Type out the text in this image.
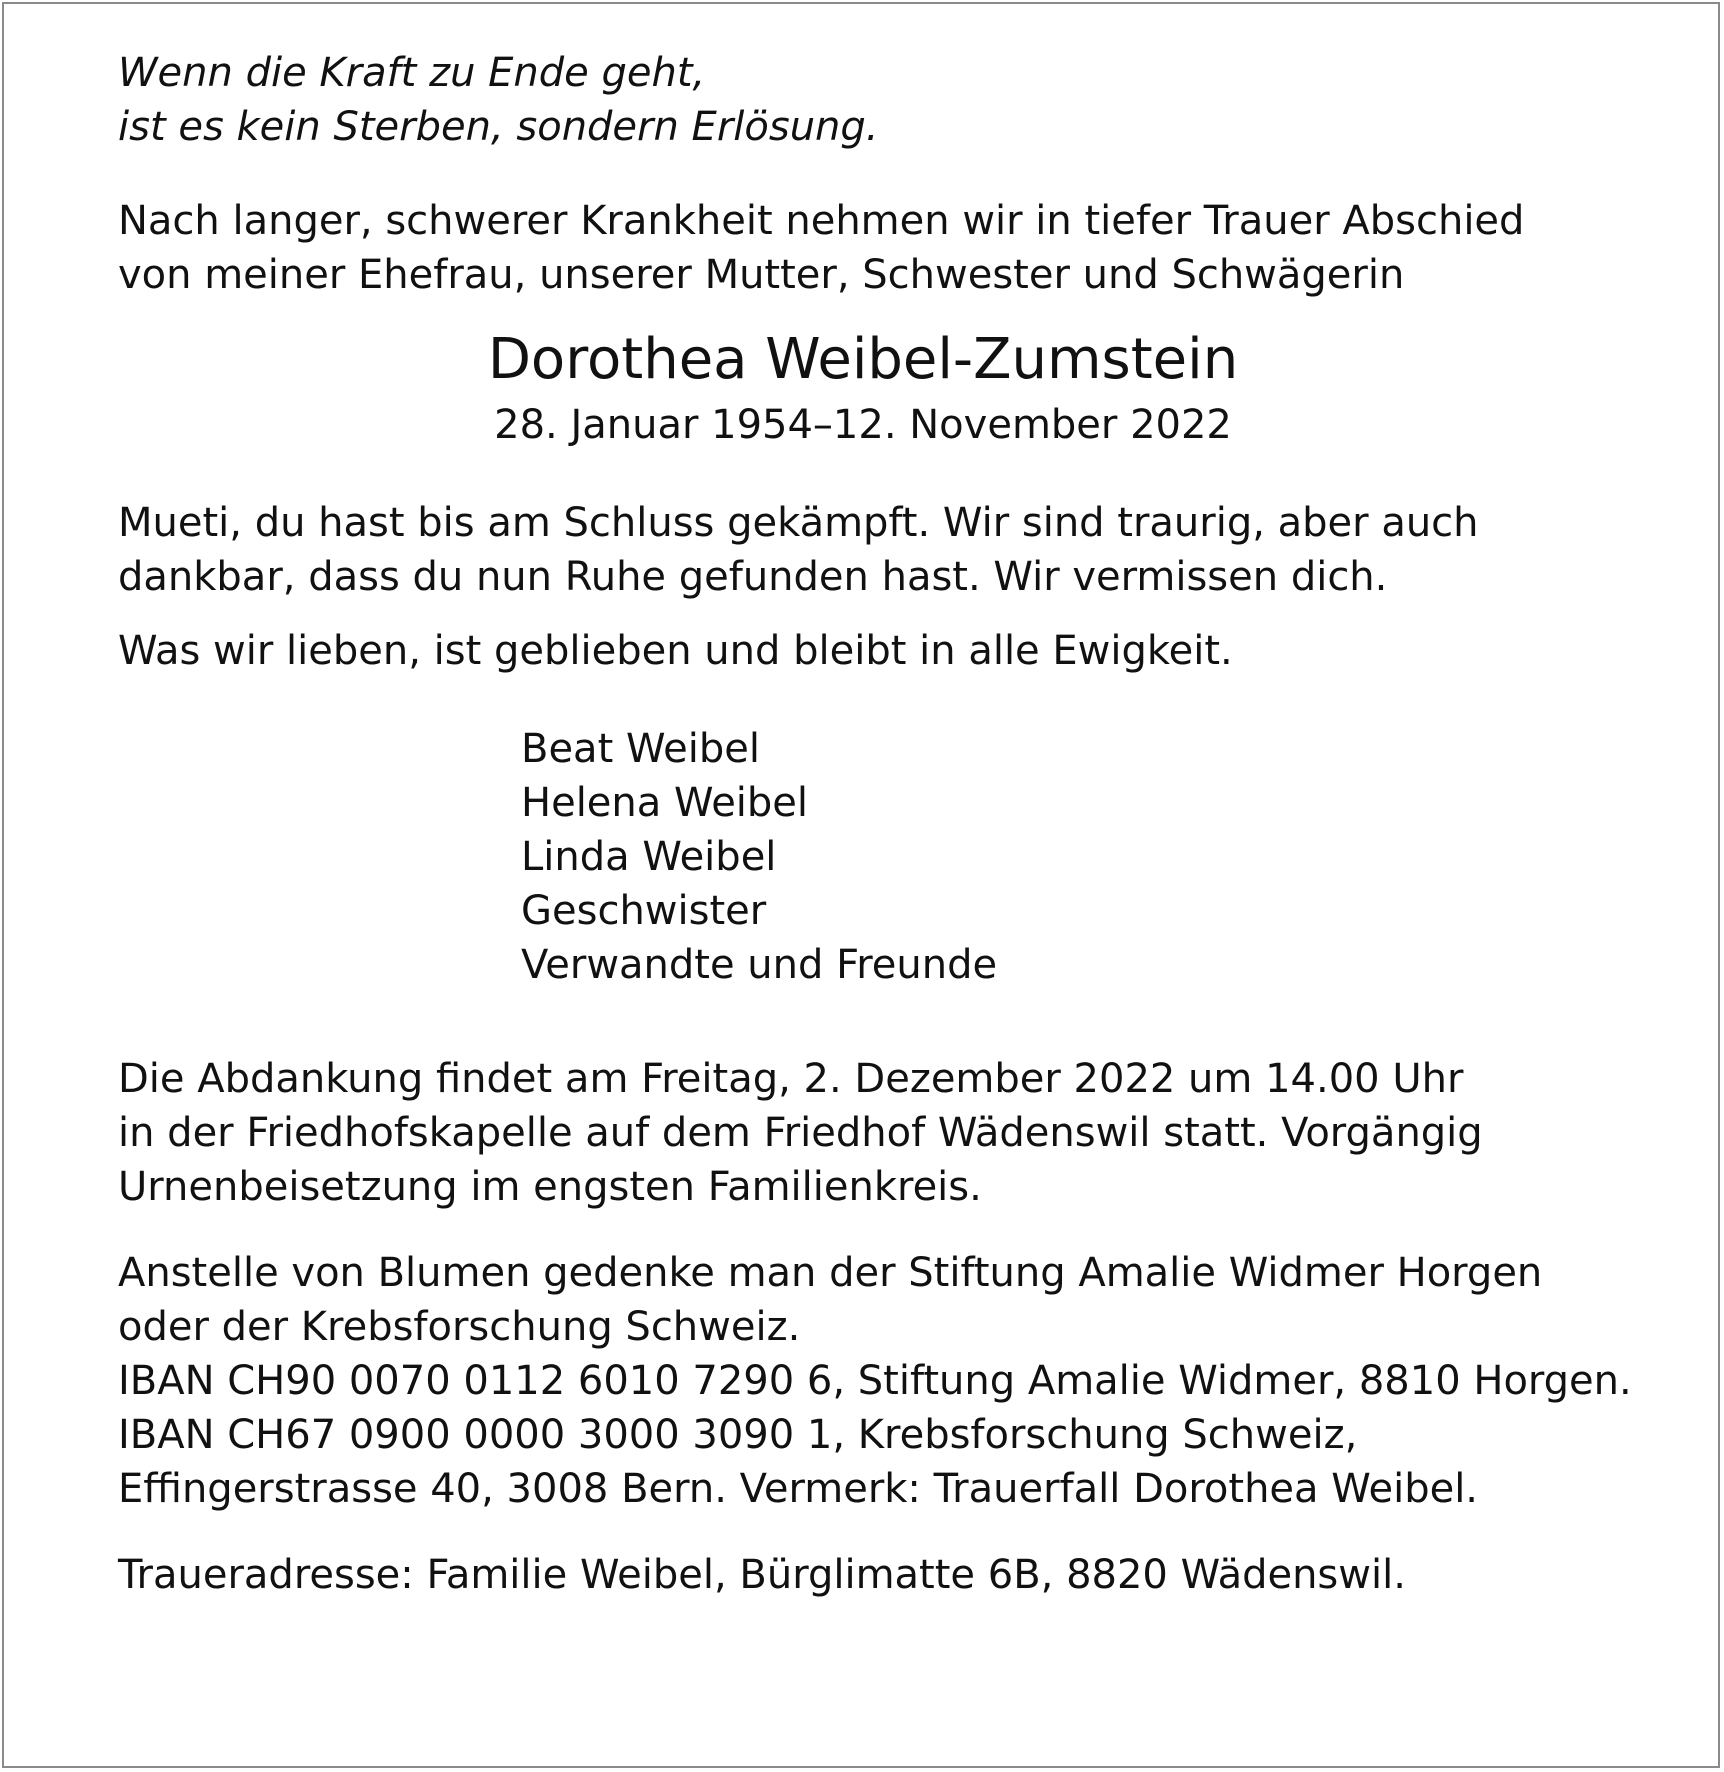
Wenn die Kraft zu Ende geht,
ist es kein Sterben, sondern Erlösung.
Nach langer, schwerer Krankheit nehmen wir in tiefer Trauer Abschied
von meiner Ehefrau, unserer Mutter, Schwester und Schwägerin
Dorothea Weibel-Zumstein
28. Januar 1954–12. November 2022
Mueti, du hast bis am Schluss gekämpft. Wir sind traurig, aber auch
dankbar, dass du nun Ruhe gefunden hast. Wir vermissen dich.
Was wir lieben, ist geblieben und bleibt in alle Ewigkeit.
Beat Weibel
Helena Weibel
Linda Weibel
Geschwister
Verwandte und Freunde
Die Abdankung findet am Freitag, 2. Dezember 2022 um 14.00 Uhr
in der Friedhofskapelle auf dem Friedhof Wädenswil statt. Vorgängig
Urnenbeisetzung im engsten Familienkreis.
Anstelle von Blumen gedenke man der Stiftung Amalie Widmer Horgen
oder der Krebsforschung Schweiz.
IBAN CH90 0070 0112 6010 7290 6, Stiftung Amalie Widmer, 8810 Horgen.
IBAN CH67 0900 0000 3000 3090 1, Krebsforschung Schweiz,
Effingerstrasse 40, 3008 Bern. Vermerk: Trauerfall Dorothea Weibel.
Traueradresse: Familie Weibel, Bürglimatte 6B, 8820 Wädenswil.
